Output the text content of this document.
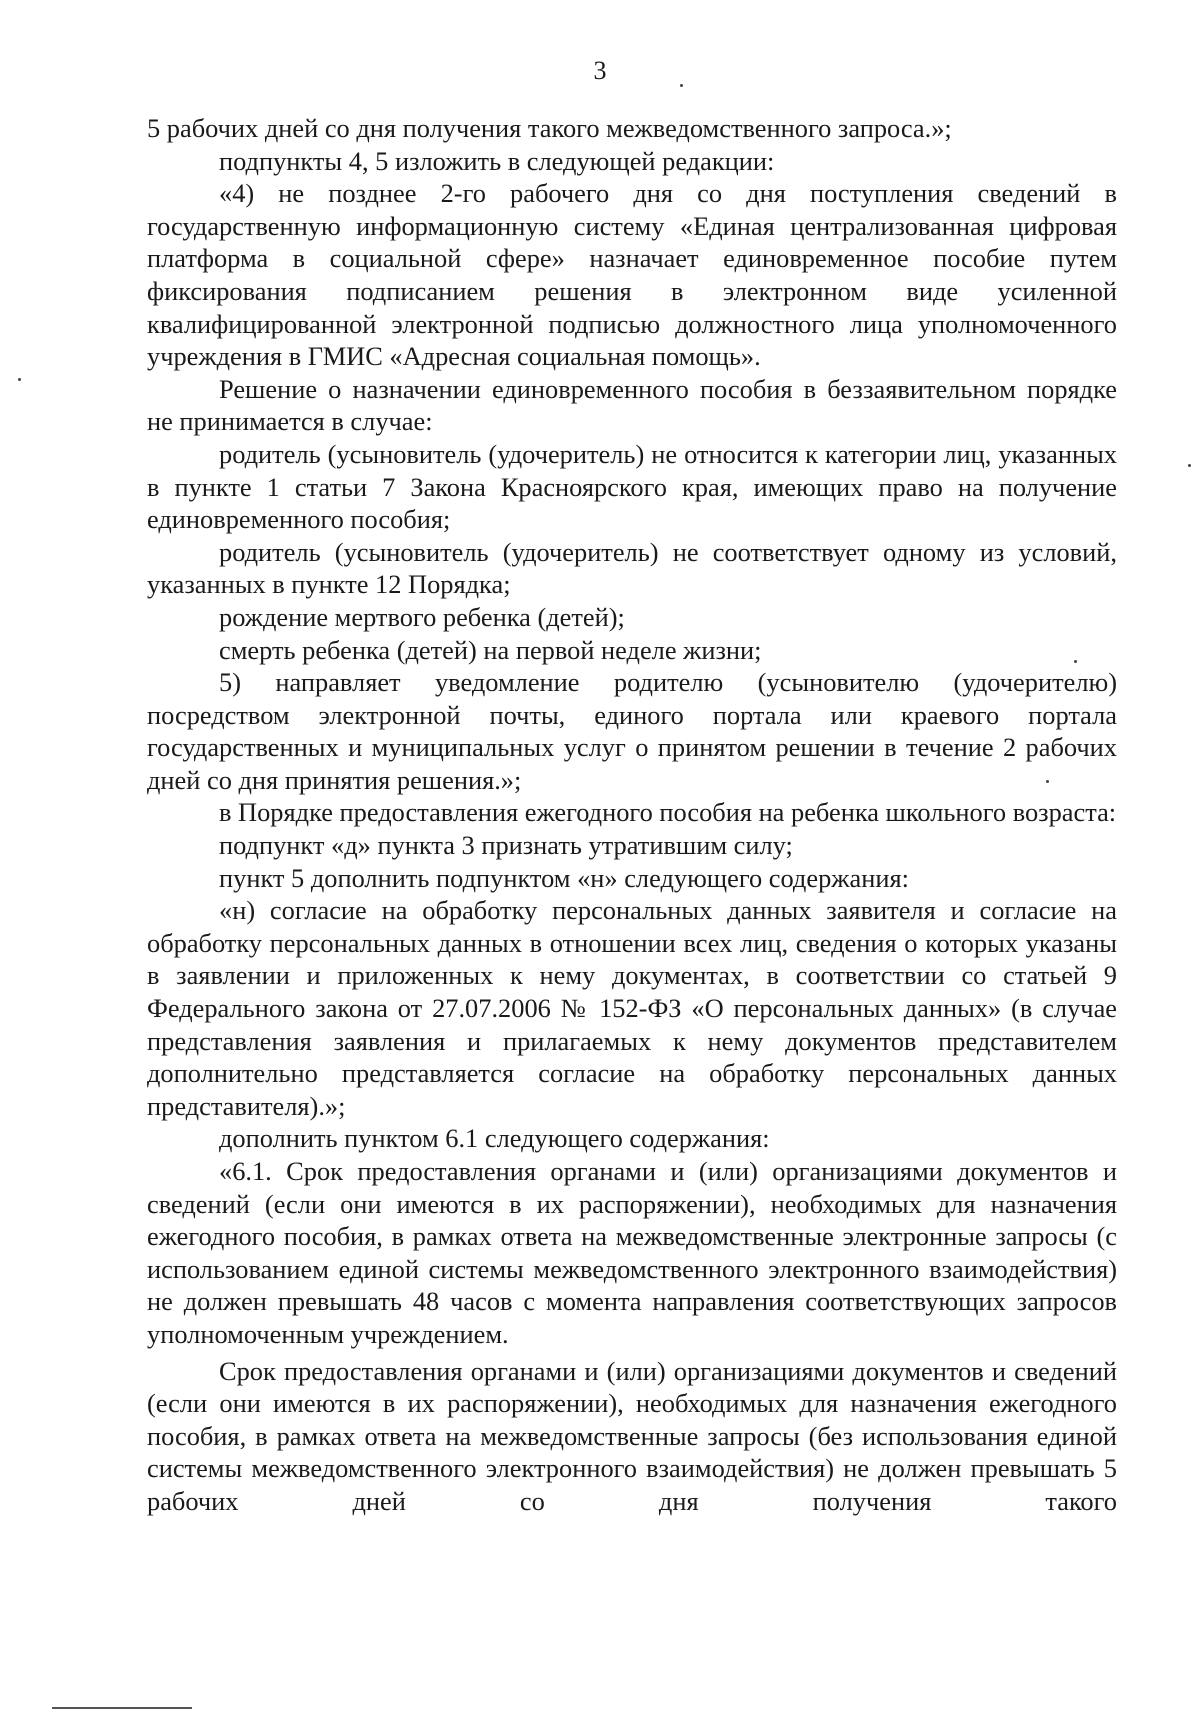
3

5 рабочих дней со дня получения такого межведомственного запроса.»;

подпункты 4, 5 изложить в следующей редакции:

«4) не позднее 2-го рабочего дня со дня поступления сведений в государственную информационную систему «Единая централизованная цифровая платформа в социальной сфере» назначает единовременное пособие путем фиксирования подписанием решения в электронном виде усиленной квалифицированной электронной подписью должностного лица уполномоченного учреждения в ГМИС «Адресная социальная помощь».

Решение о назначении единовременного пособия в беззаявительном порядке не принимается в случае:

родитель (усыновитель (удочеритель) не относится к категории лиц, указанных в пункте 1 статьи 7 Закона Красноярского края, имеющих право на получение единовременного пособия;

родитель (усыновитель (удочеритель) не соответствует одному из условий, указанных в пункте 12 Порядка;

рождение мертвого ребенка (детей);

смерть ребенка (детей) на первой неделе жизни;

5) направляет уведомление родителю (усыновителю (удочерителю) посредством электронной почты, единого портала или краевого портала государственных и муниципальных услуг о принятом решении в течение 2 рабочих дней со дня принятия решения.»;

в Порядке предоставления ежегодного пособия на ребенка школьного возраста:

подпункт «д» пункта 3 признать утратившим силу;

пункт 5 дополнить подпунктом «н» следующего содержания:

«н) согласие на обработку персональных данных заявителя и согласие на обработку персональных данных в отношении всех лиц, сведения о которых указаны в заявлении и приложенных к нему документах, в соответствии со статьей 9 Федерального закона от 27.07.2006 № 152-ФЗ «О персональных данных» (в случае представления заявления и прилагаемых к нему документов представителем дополнительно представляется согласие на обработку персональных данных представителя).»;

дополнить пунктом 6.1 следующего содержания:

«6.1. Срок предоставления органами и (или) организациями документов и сведений (если они имеются в их распоряжении), необходимых для назначения ежегодного пособия, в рамках ответа на межведомственные электронные запросы (с использованием единой системы межведомственного электронного взаимодействия) не должен превышать 48 часов с момента направления соответствующих запросов уполномоченным учреждением.

Срок предоставления органами и (или) организациями документов и сведений (если они имеются в их распоряжении), необходимых для назначения ежегодного пособия, в рамках ответа на межведомственные запросы (без использования единой системы межведомственного электронного взаимодействия) не должен превышать 5 рабочих дней со дня получения такого
